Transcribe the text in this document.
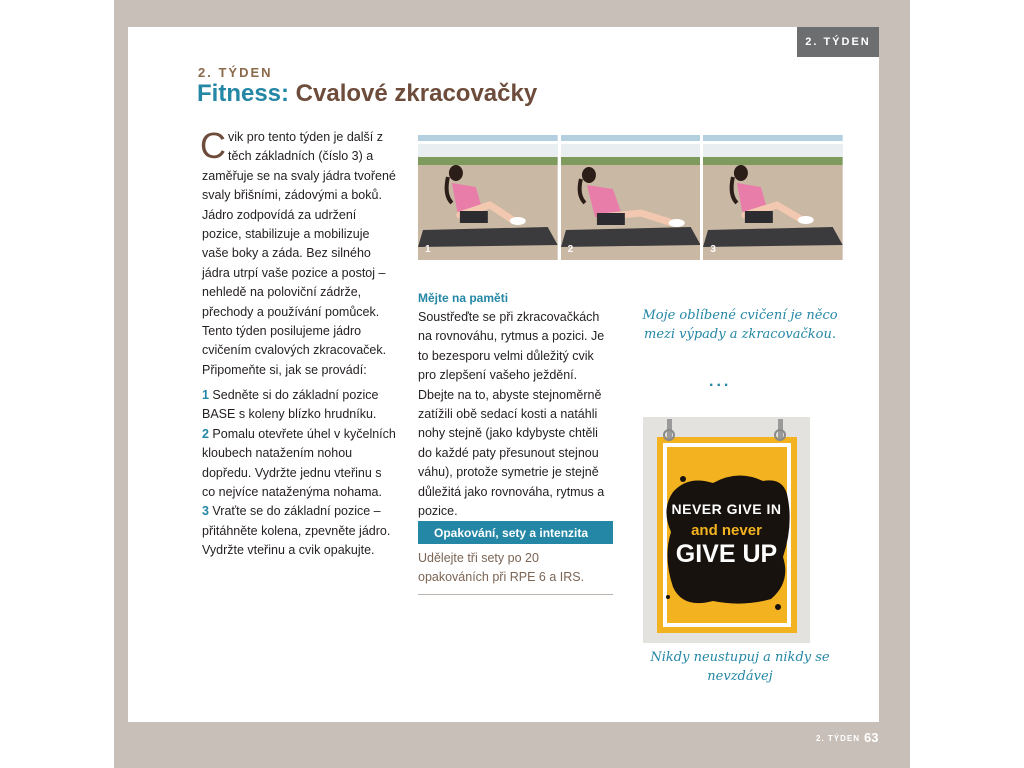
2. TÝDEN
2. TÝDEN
Fitness: Cvalové zkracovačky
C vik pro tento týden je další z těch základních (číslo 3) a zaměřuje se na svaly jádra tvořené svaly břišními, zádovými a boků. Jádro zodpovídá za udržení pozice, stabilizuje a mobilizuje vaše boky a záda. Bez silného jádra utrpí vaše pozice a postoj – nehledě na poloviční zádrže, přechody a používání pomůcek. Tento týden posilujeme jádro cvičením cvalových zkracovaček. Připomeňte si, jak se provádí:

1 Sedněte si do základní pozice BASE s koleny blízko hrudníku.

2 Pomalu otevřete úhel v kyčelních kloubech natažením nohou dopředu. Vydržte jednu vteřinu s co nejvíce nataženýma nohama.

3 Vraťte se do základní pozice – přitáhněte kolena, zpevněte jádro. Vydržte vteřinu a cvik opakujte.

1	2	3
Mějte na paměti
Soustřeďte se při zkracovačkách na rovnováhu, rytmus a pozici. Je to bezesporu velmi důležitý cvik pro zlepšení vašeho ježdění. Dbejte na to, abyste stejnoměrně zatížili obě sedací kosti a natáhli nohy stejně (jako kdybyste chtěli do každé paty přesunout stejnou váhu), protože symetrie je stejně důležitá jako rovnováha, rytmus a pozice.
Opakování, sety a intenzita
Udělejte tři sety po 20 opakováních při RPE 6 a IRS.
Moje oblíbené cvičení je něco mezi výpady a zkracovačkou.
...
NEVER GIVE IN
and never
GIVE UP
Nikdy neustupuj a nikdy se nevzdávej
2. TÝDEN 63
